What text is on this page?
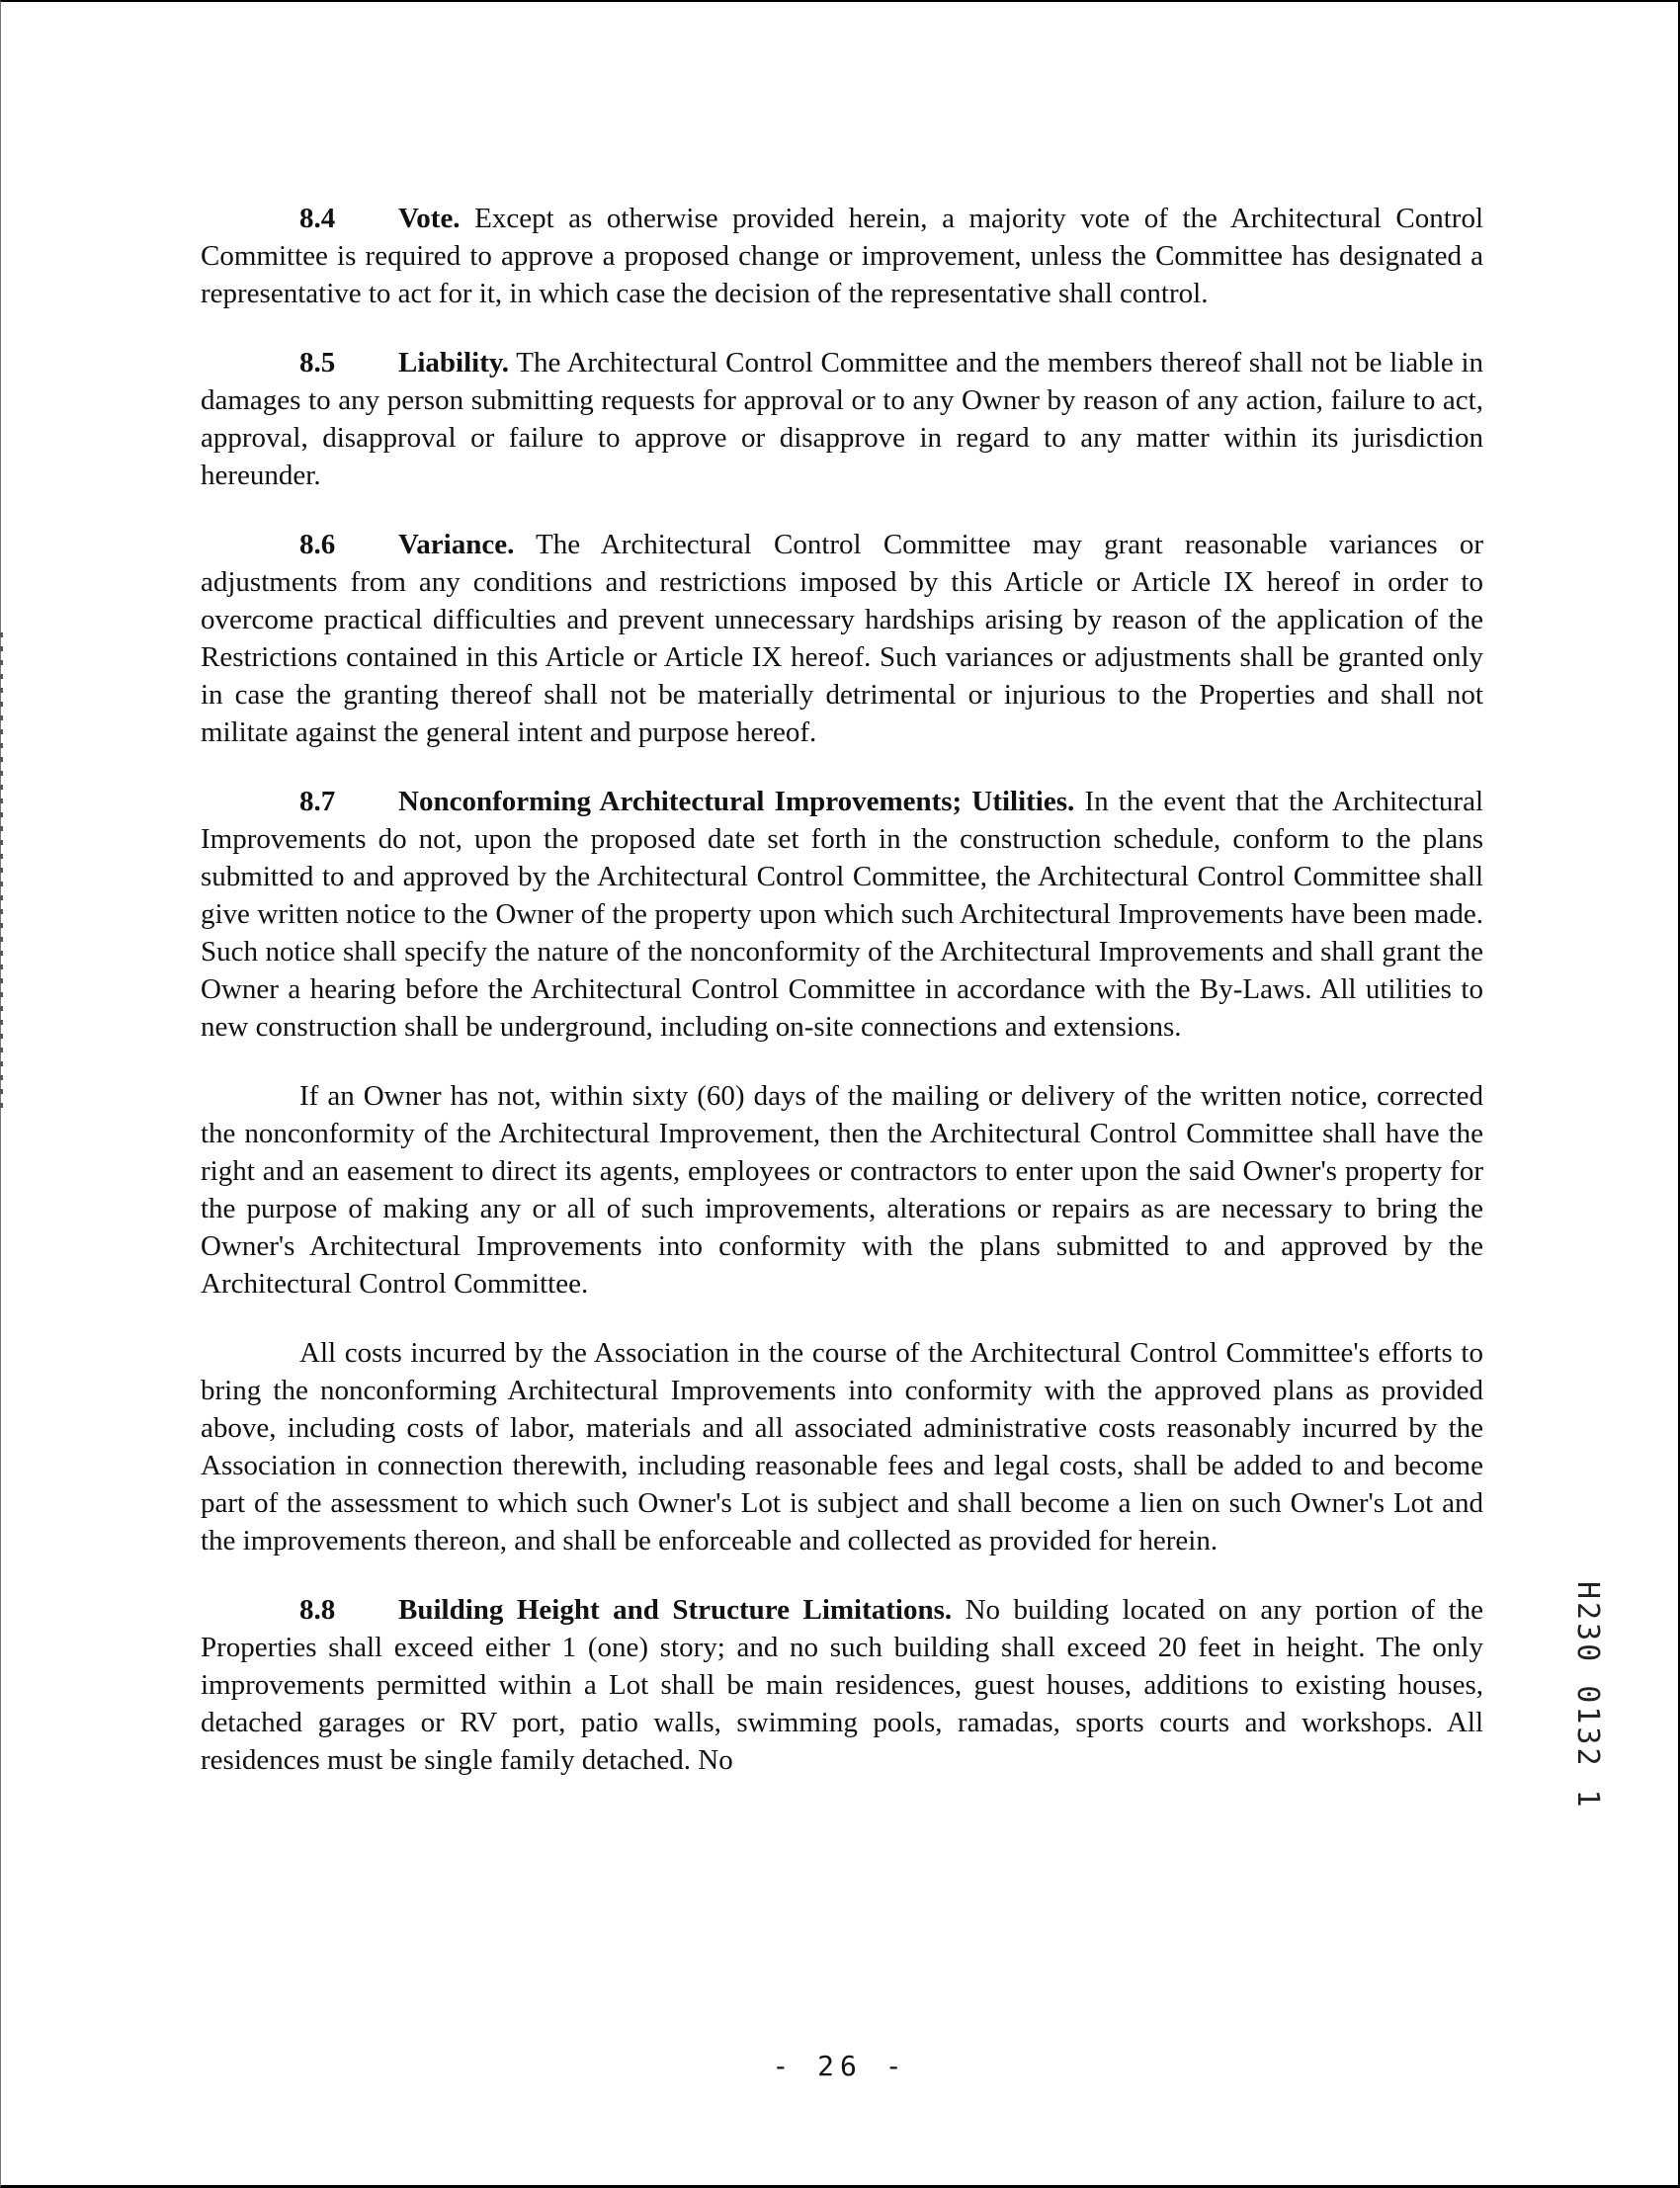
8.4 Vote. Except as otherwise provided herein, a majority vote of the Architectural Control Committee is required to approve a proposed change or improvement, unless the Committee has designated a representative to act for it, in which case the decision of the representative shall control.

8.5 Liability. The Architectural Control Committee and the members thereof shall not be liable in damages to any person submitting requests for approval or to any Owner by reason of any action, failure to act, approval, disapproval or failure to approve or disapprove in regard to any matter within its jurisdiction hereunder.

8.6 Variance. The Architectural Control Committee may grant reasonable variances or adjustments from any conditions and restrictions imposed by this Article or Article IX hereof in order to overcome practical difficulties and prevent unnecessary hardships arising by reason of the application of the Restrictions contained in this Article or Article IX hereof. Such variances or adjustments shall be granted only in case the granting thereof shall not be materially detrimental or injurious to the Properties and shall not militate against the general intent and purpose hereof.

8.7 Nonconforming Architectural Improvements; Utilities. In the event that the Architectural Improvements do not, upon the proposed date set forth in the construction schedule, conform to the plans submitted to and approved by the Architectural Control Committee, the Architectural Control Committee shall give written notice to the Owner of the property upon which such Architectural Improvements have been made. Such notice shall specify the nature of the nonconformity of the Architectural Improvements and shall grant the Owner a hearing before the Architectural Control Committee in accordance with the By-Laws. All utilities to new construction shall be underground, including on-site connections and extensions.

If an Owner has not, within sixty (60) days of the mailing or delivery of the written notice, corrected the nonconformity of the Architectural Improvement, then the Architectural Control Committee shall have the right and an easement to direct its agents, employees or contractors to enter upon the said Owner's property for the purpose of making any or all of such improvements, alterations or repairs as are necessary to bring the Owner's Architectural Improvements into conformity with the plans submitted to and approved by the Architectural Control Committee.

All costs incurred by the Association in the course of the Architectural Control Committee's efforts to bring the nonconforming Architectural Improvements into conformity with the approved plans as provided above, including costs of labor, materials and all associated administrative costs reasonably incurred by the Association in connection therewith, including reasonable fees and legal costs, shall be added to and become part of the assessment to which such Owner's Lot is subject and shall become a lien on such Owner's Lot and the improvements thereon, and shall be enforceable and collected as provided for herein.

8.8 Building Height and Structure Limitations. No building located on any portion of the Properties shall exceed either 1 (one) story; and no such building shall exceed 20 feet in height. The only improvements permitted within a Lot shall be main residences, guest houses, additions to existing houses, detached garages or RV port, patio walls, swimming pools, ramadas, sports courts and workshops. All residences must be single family detached. No

- 26 -
H230 0132 1
